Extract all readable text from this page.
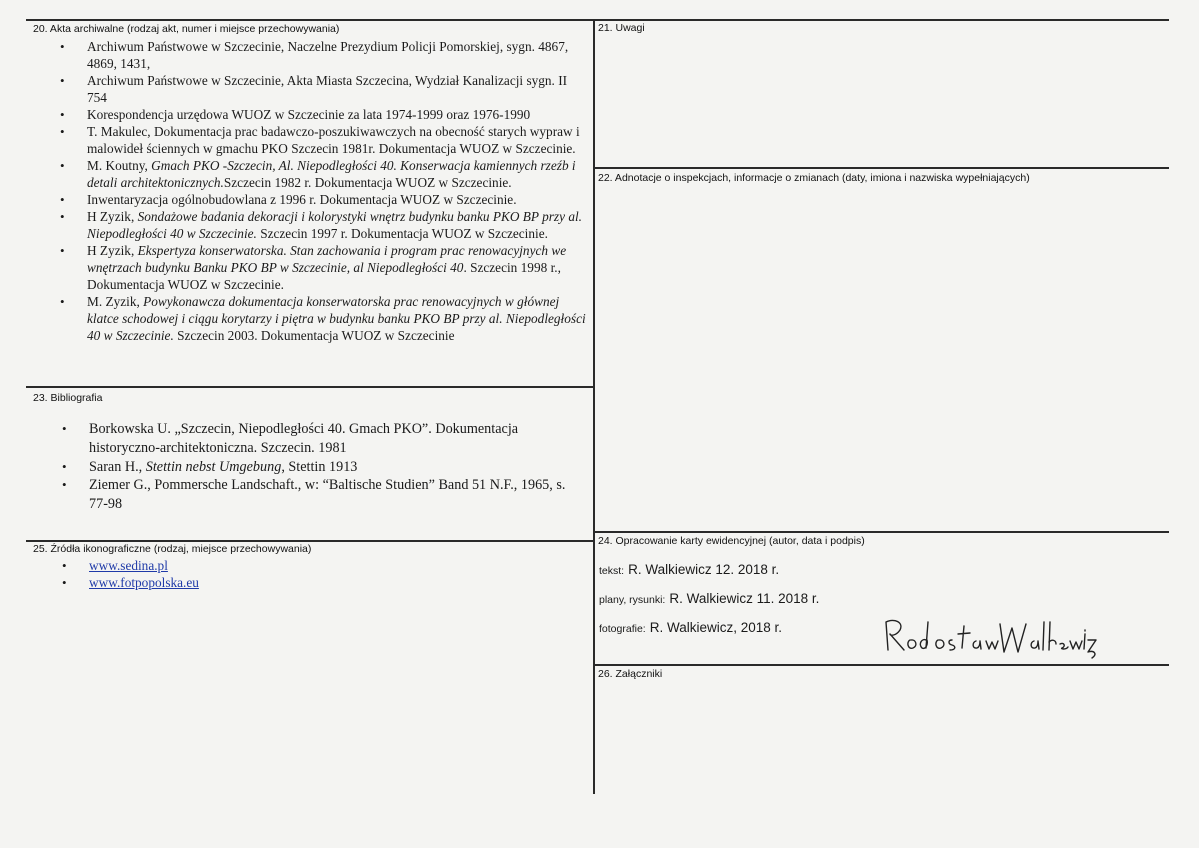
20. Akta archiwalne (rodzaj akt, numer i miejsce przechowywania)
• Archiwum Państwowe w Szczecinie, Naczelne Prezydium Policji Pomorskiej, sygn. 4867, 4869, 1431,
• Archiwum Państwowe w Szczecinie, Akta Miasta Szczecina, Wydział Kanalizacji sygn. II 754
• Korespondencja urzędowa WUOZ w Szczecinie za lata 1974-1999 oraz 1976-1990
• T. Makulec, Dokumentacja prac badawczo-poszukiwawczych na obecność starych wypraw i malowideł ściennych w gmachu PKO Szczecin 1981r. Dokumentacja WUOZ w Szczecinie.
• M. Koutny, Gmach PKO -Szczecin, Al. Niepodległości 40. Konserwacja kamiennych rzeźb i detali architektonicznych.Szczecin 1982 r. Dokumentacja WUOZ w Szczecinie.
• Inwentaryzacja ogólnobudowlana z 1996 r. Dokumentacja WUOZ w Szczecinie.
• H Zyzik, Sondażowe badania dekoracji i kolorystyki wnętrz budynku banku PKO BP przy al. Niepodległości 40 w Szczecinie. Szczecin 1997 r. Dokumentacja WUOZ w Szczecinie.
• H Zyzik, Ekspertyza konserwatorska. Stan zachowania i program prac renowacyjnych we wnętrzach budynku Banku PKO BP w Szczecinie, al Niepodległości 40. Szczecin 1998 r., Dokumentacja WUOZ w Szczecinie.
• M. Zyzik, Powykonawcza dokumentacja konserwatorska prac renowacyjnych w głównej klatce schodowej i ciągu korytarzy i piętra w budynku banku PKO BP przy al. Niepodległości 40 w Szczecinie. Szczecin 2003. Dokumentacja WUOZ w Szczecinie
21. Uwagi
22. Adnotacje o inspekcjach, informacje o zmianach (daty, imiona i nazwiska wypełniających)
23. Bibliografia
• Borkowska U. „Szczecin, Niepodległości 40. Gmach PKO”. Dokumentacja historyczno-architektoniczna. Szczecin. 1981
• Saran H., Stettin nebst Umgebung, Stettin 1913
• Ziemer G., Pommersche Landschaft., w: “Baltische Studien” Band 51 N.F., 1965, s. 77-98
25. Źródła ikonograficzne (rodzaj, miejsce przechowywania)
• www.sedina.pl
• www.fotpopolska.eu
24. Opracowanie karty ewidencyjnej (autor, data i podpis)
tekst: R. Walkiewicz 12. 2018 r.
plany, rysunki: R. Walkiewicz 11. 2018 r.
fotografie: R. Walkiewicz, 2018 r.
26. Załączniki
